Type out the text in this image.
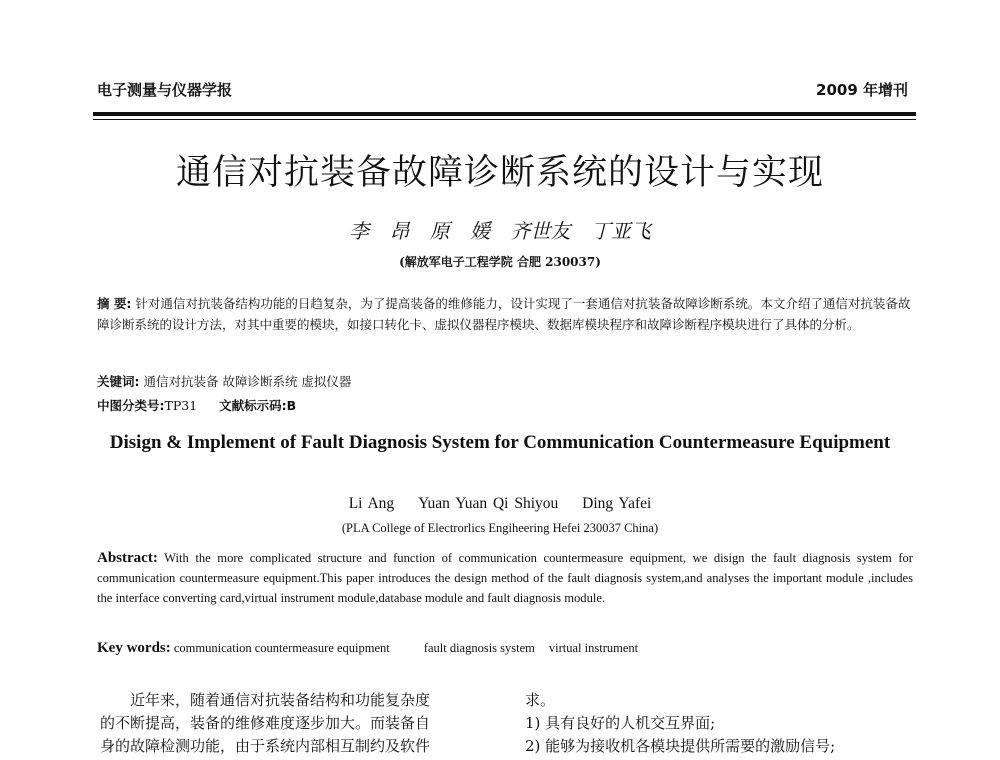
电子测量与仪器学报	2009 年增刊
通信对抗装备故障诊断系统的设计与实现
李 昂 原 媛 齐世友 丁亚飞
(解放军电子工程学院 合肥 230037)
摘 要: 针对通信对抗装备结构功能的日趋复杂，为了提高装备的维修能力，设计实现了一套通信对抗装备故障诊断系统。本文介绍了通信对抗装备故障诊断系统的设计方法，对其中重要的模块，如接口转化卡、虚拟仪器程序模块、数据库模块程序和故障诊断程序模块进行了具体的分析。
关键词: 通信对抗装备 故障诊断系统 虚拟仪器
中图分类号:TP31 文献标示码:B
Disign & Implement of Fault Diagnosis System for Communication Countermeasure Equipment
Li Ang Yuan Yuan Qi Shiyou Ding Yafei
(PLA College of Electrorlics Engiheering Hefei 230037 China)
Abstract: With the more complicated structure and function of communication countermeasure equipment, we disign the fault diagnosis system for communication countermeasure equipment.This paper introduces the design method of the fault diagnosis system,and analyses the important module ,includes the interface converting card,virtual instrument module,database module and fault diagnosis module.
Key words: communication countermeasure equipment	fault diagnosis system virtual instrument

近年来，随着通信对抗装备结构和功能复杂度

的不断提高，装备的维修难度逐步加大。而装备自

身的故障检测功能，由于系统内部相互制约及软件

求。

1) 具有良好的人机交互界面;

2) 能够为接收机各模块提供所需要的激励信号;
